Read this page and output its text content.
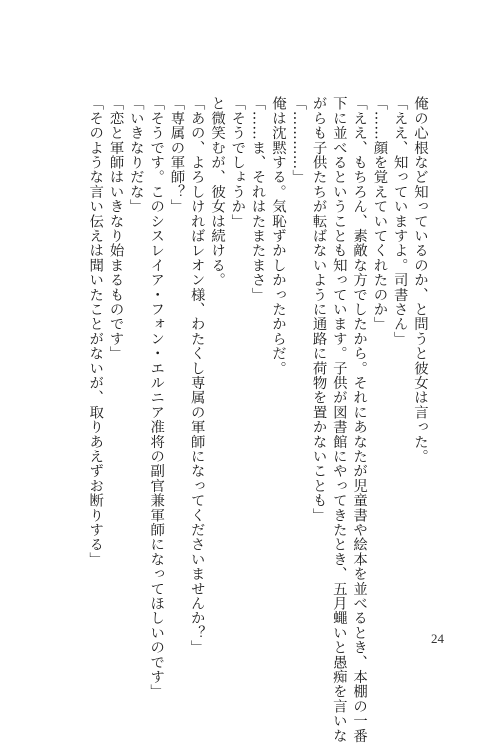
俺の心根など知っているのか、と問うと彼女は言った。

「ええ、知っていますよ。司書さん」

「……顔を覚えていてくれたのか」

「ええ、もちろん、素敵な方でしたから。それにあなたが児童書や絵本を並べるとき、本棚の一番

下に並べるということも知っています。子供が図書館にやってきたとき、五月蠅いと愚痴を言いな

がらも子供たちが転ばないように通路に荷物を置かないことも」

「…………」

俺は沈黙する。気恥ずかしかったからだ。

「……ま、それはたまたまさ」

「そうでしょうか」

と微笑むが、彼女は続ける。

「あの、よろしければレオン様、わたくし専属の軍師になってくださいませんか？」

「専属の軍師？」

「そうです。このシスレイア・フォン・エルニア准将の副官兼軍師になってほしいのです」

「いきなりだな」

「恋と軍師はいきなり始まるものです」

「そのような言い伝えは聞いたことがないが、取りあえずお断りする」

24
